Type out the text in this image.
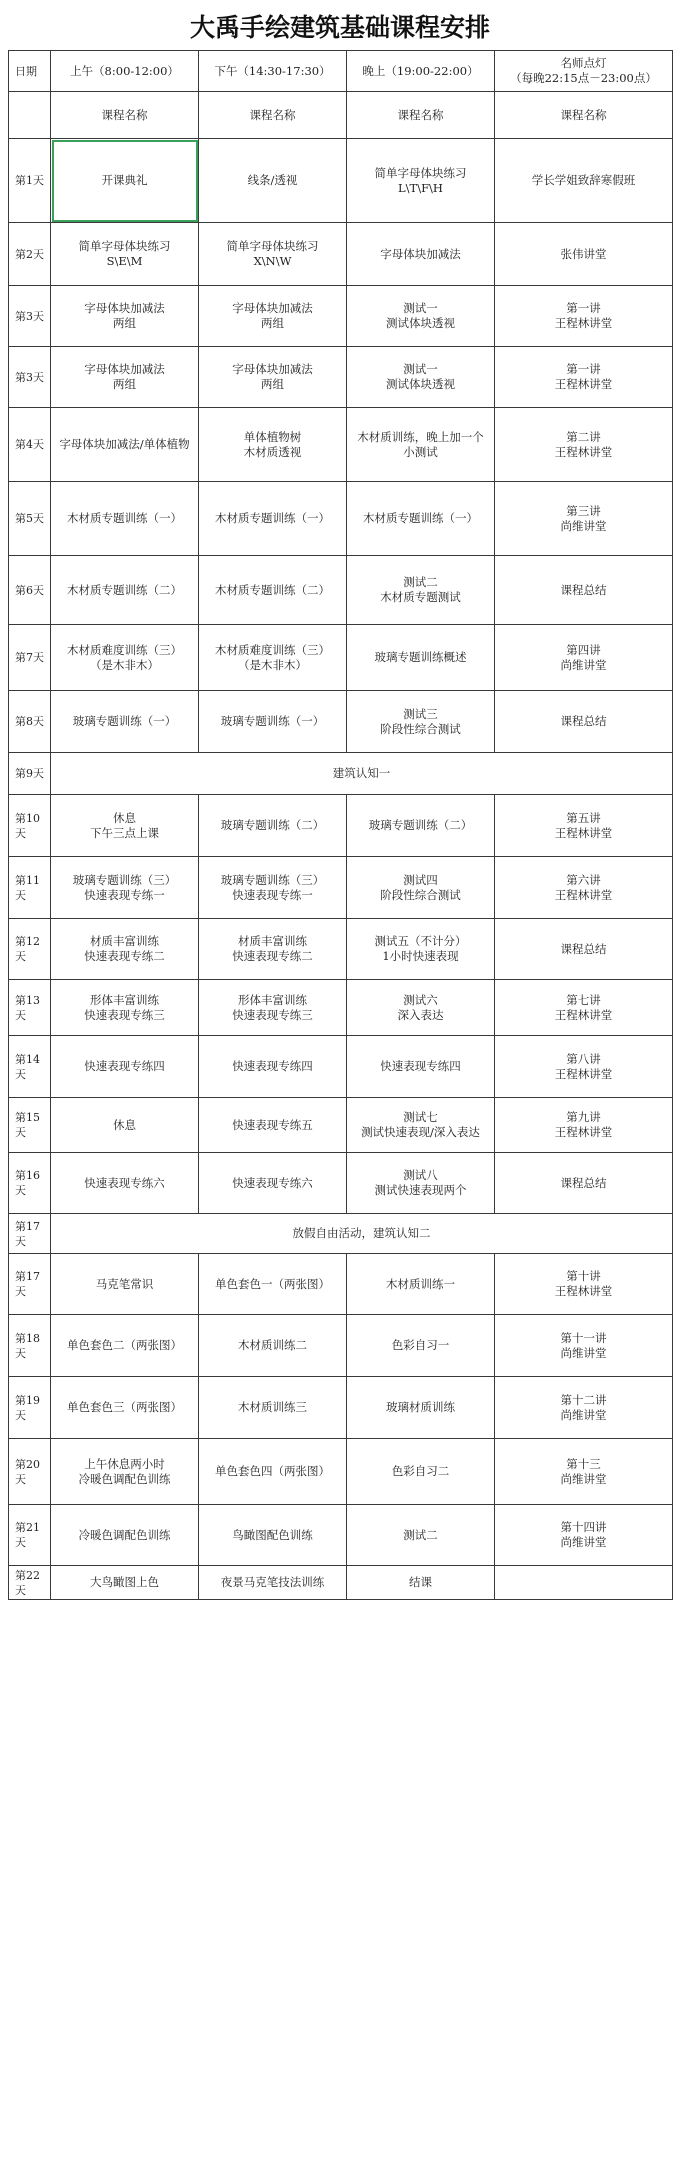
大禹手绘建筑基础课程安排
日期	上午（8:00-12:00）	下午（14:30-17:30）	晚上（19:00-22:00）	名师点灯
（每晚22:15点－23:00点）
	课程名称	课程名称	课程名称	课程名称
第1天	开课典礼	线条/透视	简单字母体块练习
L\T\F\H	学长学姐致辞寒假班
第2天	简单字母体块练习
S\E\M	简单字母体块练习
X\N\W	字母体块加减法	张伟讲堂
第3天	字母体块加减法
两组	字母体块加减法
两组	测试一
测试体块透视	第一讲
王程林讲堂
第3天	字母体块加减法
两组	字母体块加减法
两组	测试一
测试体块透视	第一讲
王程林讲堂
第4天	字母体块加减法/单体植物	单体植物树
木材质透视	木材质训练，晚上加一个
小测试	第二讲
王程林讲堂
第5天	木材质专题训练（一）	木材质专题训练（一）	木材质专题训练（一）	第三讲
尚维讲堂
第6天	木材质专题训练（二）	木材质专题训练（二）	测试二
木材质专题测试	课程总结
第7天	木材质难度训练（三）
（是木非木）	木材质难度训练（三）
（是木非木）	玻璃专题训练概述	第四讲
尚维讲堂
第8天	玻璃专题训练（一）	玻璃专题训练（一）	测试三
阶段性综合测试	课程总结
第9天	建筑认知一			
第10天	休息
下午三点上课	玻璃专题训练（二）	玻璃专题训练（二）	第五讲
王程林讲堂
第11天	玻璃专题训练（三）
快速表现专练一	玻璃专题训练（三）
快速表现专练一	测试四
阶段性综合测试	第六讲
王程林讲堂
第12天	材质丰富训练
快速表现专练二	材质丰富训练
快速表现专练二	测试五（不计分）
1小时快速表现	课程总结
第13天	形体丰富训练
快速表现专练三	形体丰富训练
快速表现专练三	测试六
深入表达	第七讲
王程林讲堂
第14天	快速表现专练四	快速表现专练四	快速表现专练四	第八讲
王程林讲堂
第15天	休息	快速表现专练五	测试七
测试快速表现/深入表达	第九讲
王程林讲堂
第16天	快速表现专练六	快速表现专练六	测试八
测试快速表现两个	课程总结
第17天	放假自由活动，建筑认知二			
第17天	马克笔常识	单色套色一（两张图）	木材质训练一	第十讲
王程林讲堂
第18天	单色套色二（两张图）	木材质训练二	色彩自习一	第十一讲
尚维讲堂
第19天	单色套色三（两张图）	木材质训练三	玻璃材质训练	第十二讲
尚维讲堂
第20天	上午休息两小时
冷暖色调配色训练	单色套色四（两张图）	色彩自习二	第十三
尚维讲堂
第21天	冷暖色调配色训练	鸟瞰图配色训练	测试二	第十四讲
尚维讲堂
第22天	大鸟瞰图上色	夜景马克笔技法训练	结课	
